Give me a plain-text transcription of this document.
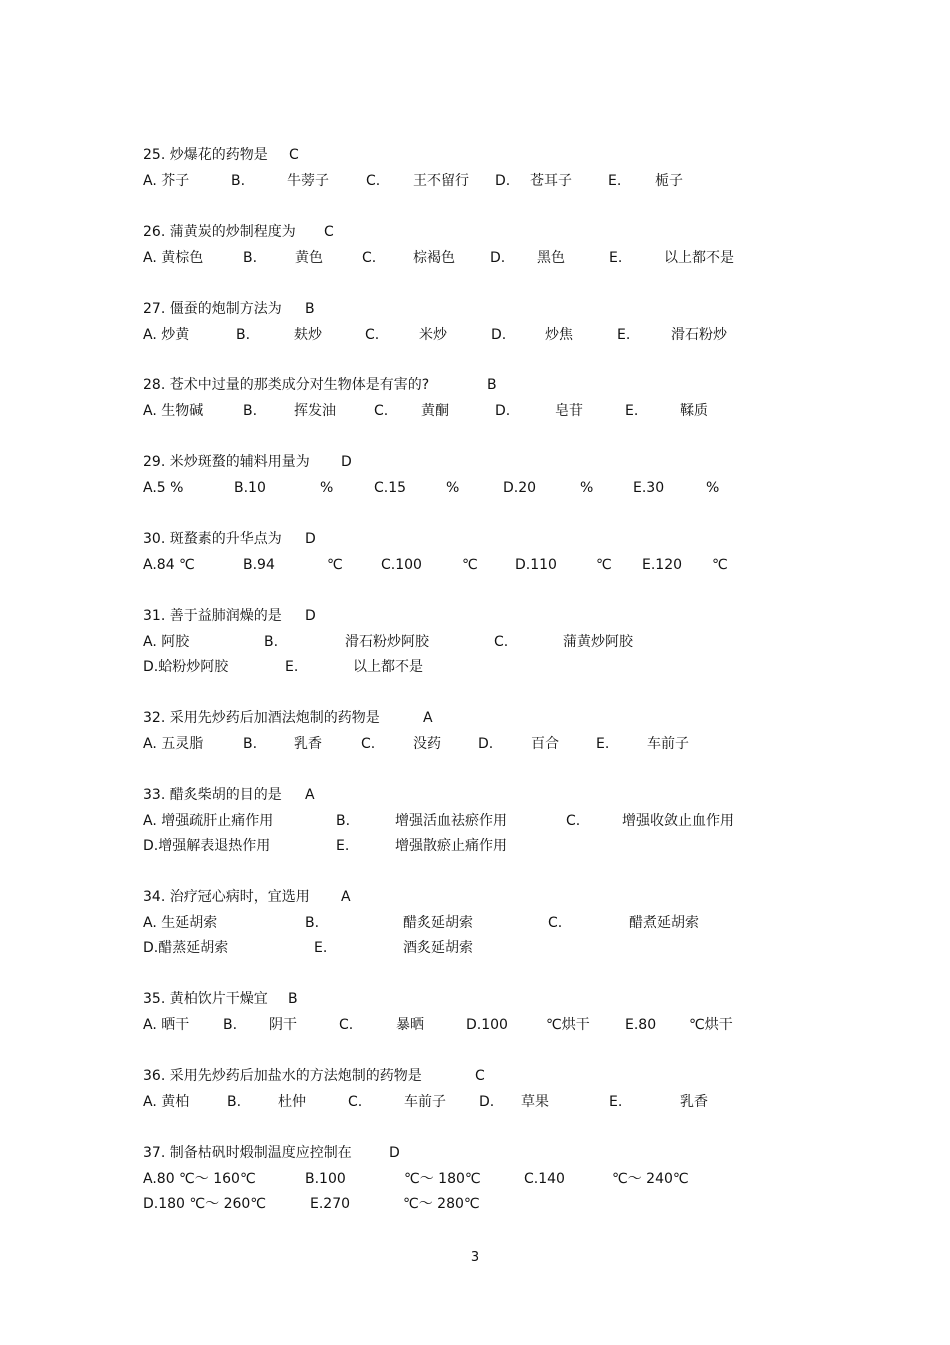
25. 炒爆花的药物是 C
A. 芥子	B.	牛蒡子	C. 王不留行 D. 苍耳子	E. 栀子
26. 蒲黄炭的炒制程度为 C
A. 黄棕色	B.	黄色	C.	棕褐色	D. 黑色	E.	以上都不是
27. 僵蚕的炮制方法为 B
A. 炒黄	B.	麸炒	C.	米炒	D.	炒焦	E.	滑石粉炒
28. 苍术中过量的那类成分对生物体是有害的?	B
A. 生物碱	B.	挥发油	C. 黄酮	D.	皂苷	E.	鞣质
29. 米炒斑蝥的辅料用量为 D
A.5 %	B.10	%	C.15	%	D.20	%	E.30	%
30. 斑蝥素的升华点为 D
A.84 ℃	B.94	℃	C.100	℃	D.110	℃ E.120 ℃
31. 善于益肺润燥的是 D
A. 阿胶	B.	滑石粉炒阿胶	C.	蒲黄炒阿胶
D.蛤粉炒阿胶	E.	以上都不是
32. 采用先炒药后加酒法炮制的药物是	A
A. 五灵脂	B.	乳香	C.	没药	D.	百合	E.	车前子
33. 醋炙柴胡的目的是 A
A. 增强疏肝止痛作用	B.	增强活血祛瘀作用	C.	增强收敛止血作用
D.增强解表退热作用	E.	增强散瘀止痛作用
34. 治疗冠心病时，宜选用 A
A. 生延胡索	B.	醋炙延胡索	C.	醋煮延胡索
D.醋蒸延胡索	E.	酒炙延胡索
35. 黄柏饮片干燥宜 B
A. 晒干 B. 阴干	C.	暴晒	D.100	℃烘干	E.80 ℃烘干
36. 采用先炒药后加盐水的方法炮制的药物是	C
A. 黄柏	B.	杜仲	C.	车前子 D. 草果	E.	乳香
37. 制备枯矾时煅制温度应控制在	D
A.80 ℃～ 160℃	B.100	℃～ 180℃	C.140	℃～ 240℃
D.180 ℃～ 260℃	E.270	℃～ 280℃
3
